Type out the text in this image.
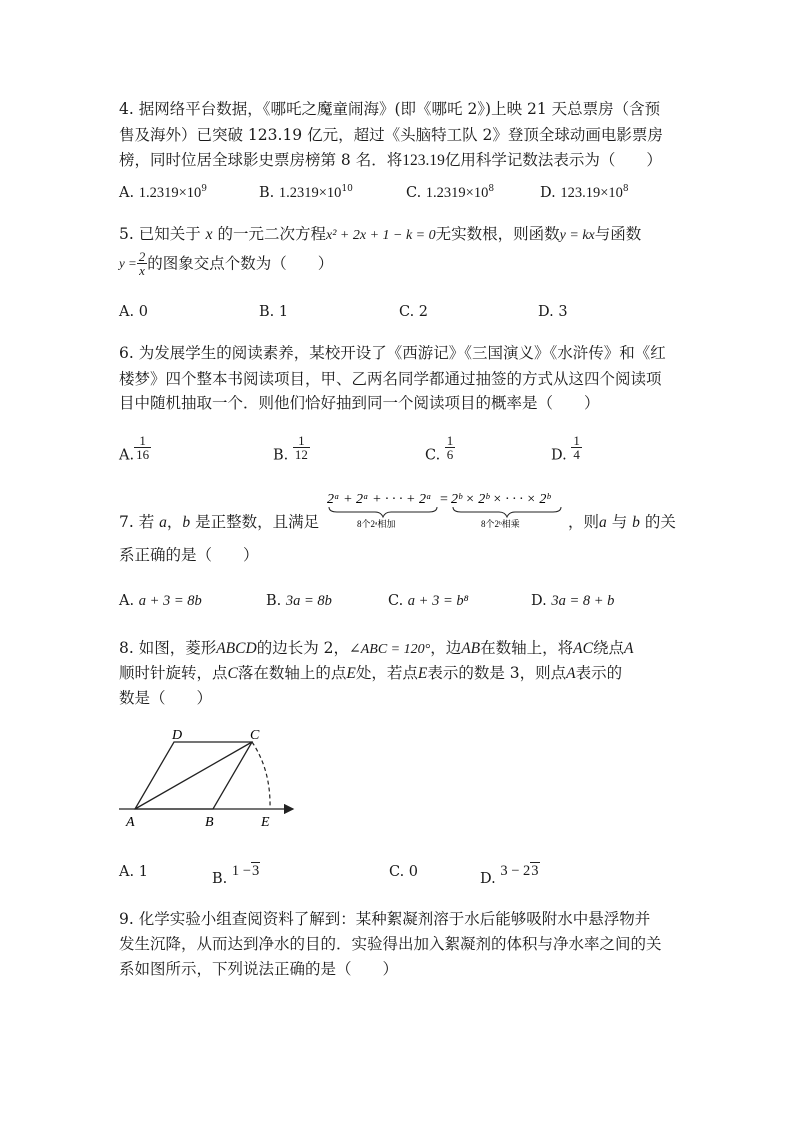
4. 据网络平台数据，《哪吒之魔童闹海》(即《哪吒 2》)上映 21 天总票房（含预
售及海外）已突破 123.19 亿元，超过《头脑特工队 2》登顶全球动画电影票房
榜，同时位居全球影史票房榜第 8 名．将123.19亿用科学记数法表示为（　　）
A. $1.2319\times 10^9$	B. $1.2319\times 10^{10}$	C. $1.2319\times 10^8$	D. $123.19\times 10^8$
5. 已知关于 x 的一元二次方程x² + 2x + 1 − k = 0无实数根，则函数y = kx与函数
$y = \frac{2}{x}$ 的图象交点个数为（　　）
A. 0	B. 1	C. 2	D. 3
6. 为发展学生的阅读素养，某校开设了《西游记》《三国演义》《水浒传》和《红
楼梦》四个整本书阅读项目，甲、乙两名同学都通过抽签的方式从这四个阅读项
目中随机抽取一个．则他们恰好抽到同一个阅读项目的概率是（　　）
A. $\frac{1}{16}$	B. $\frac{1}{12}$	C. $\frac{1}{6}$	D. $\frac{1}{4}$
7. 若 a，b 是正整数，且满足
2ᵃ + 2ᵃ + · · · + 2ᵃ = 2ᵇ × 2ᵇ × · · · × 2ᵇ
8个2ᵃ相加	8个2ᵇ相乘	，则a 与 b 的关
系正确的是（　　）
A. a + 3 = 8b	B. 3a = 8b	C. a + 3 = b⁸	D. 3a = 8 + b
8. 如图，菱形ABCD的边长为 2，∠ABC = 120°，边AB在数轴上，将AC绕点A
顺时针旋转，点C落在数轴上的点E处，若点E表示的数是 3，则点A表示的
数是（　　）
D	C
A	B	E
A. 1	B. 1 −3	C. 0	D. 3 − 23
9. 化学实验小组查阅资料了解到：某种絮凝剂溶于水后能够吸附水中悬浮物并
发生沉降，从而达到净水的目的．实验得出加入絮凝剂的体积与净水率之间的关
系如图所示，下列说法正确的是（　　）
